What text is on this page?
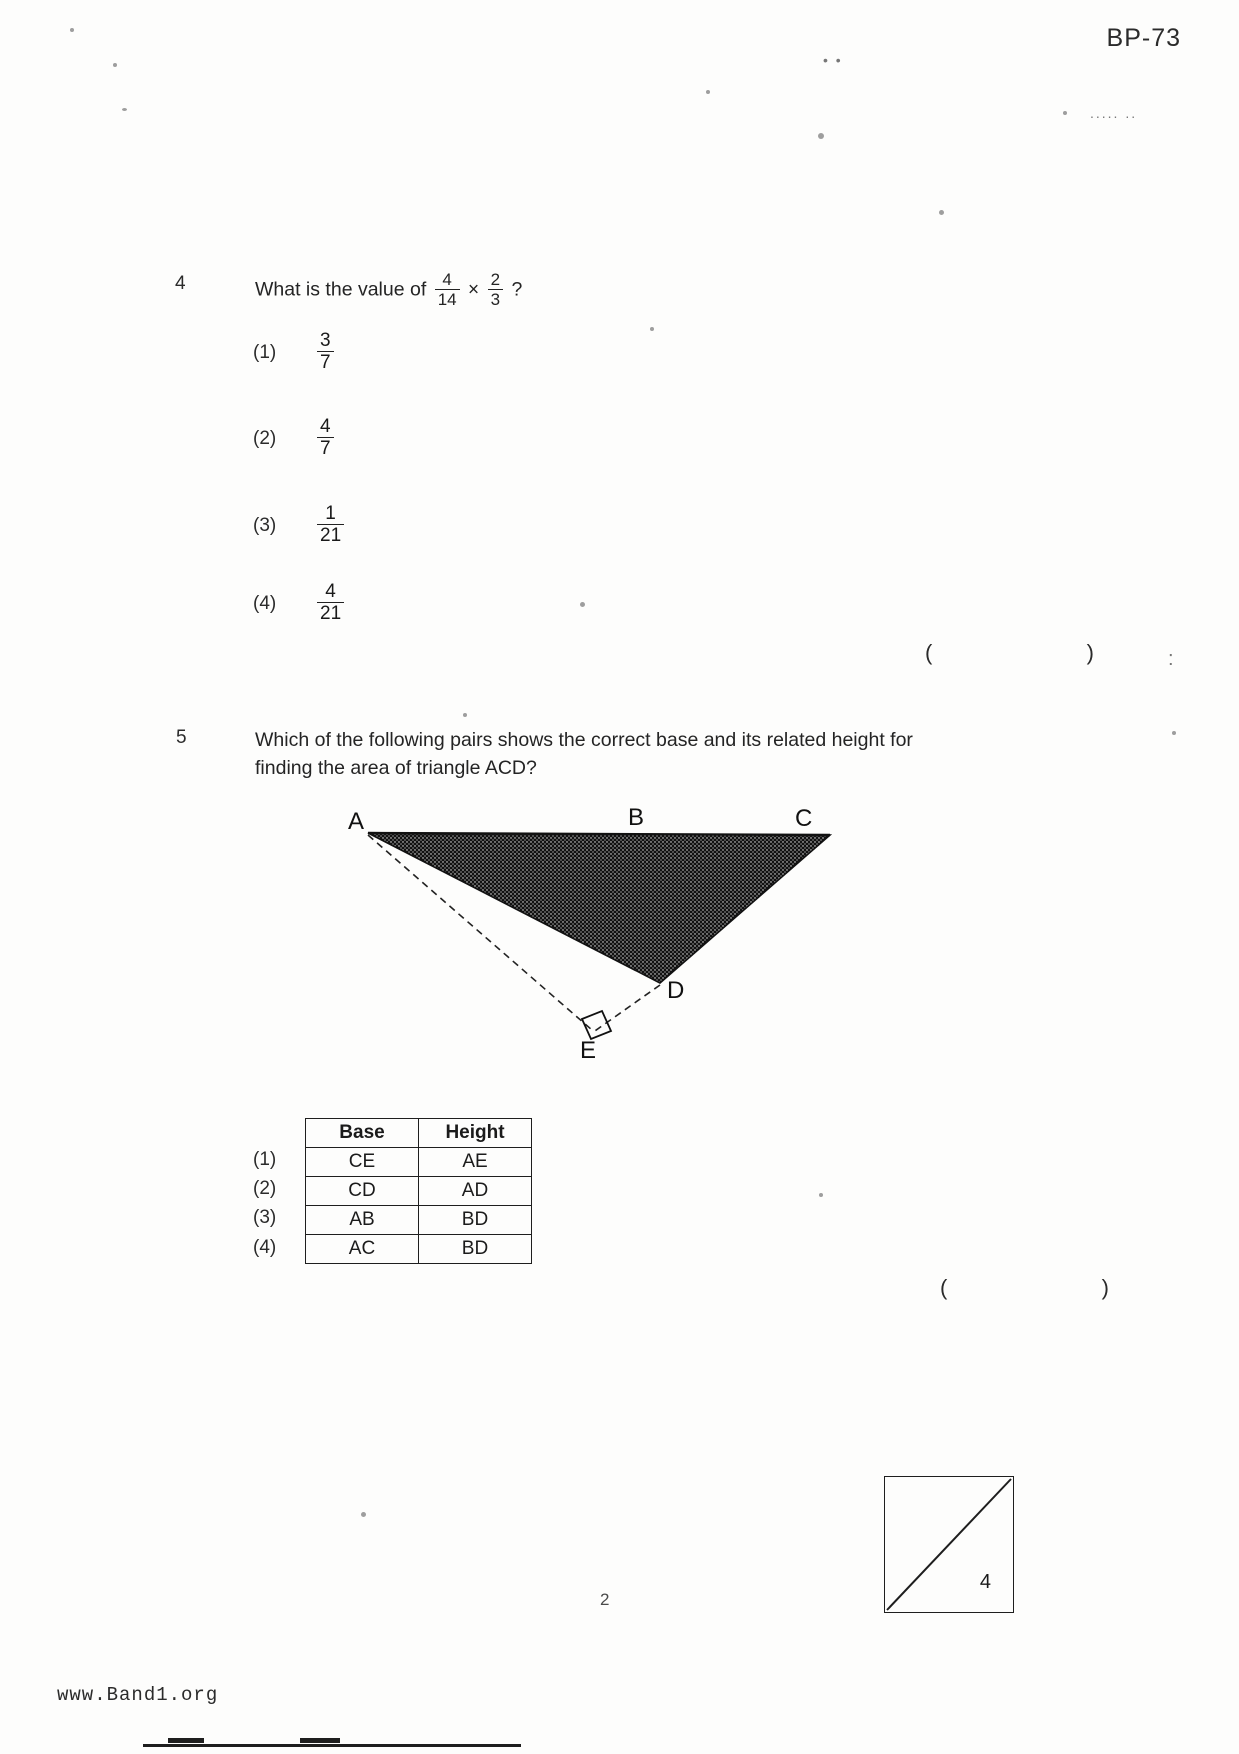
• •
..... ..
:
BP-73
4	What is the value of $\frac{4}{14} \times \frac{2}{3}$ ?
(1)	$\frac{3}{7}$
(2)	$\frac{4}{7}$
(3)	$\frac{1}{21}$
(4)	$\frac{4}{21}$
(   )
5	Which of the following pairs shows the correct base and its related height for
finding the area of triangle ACD?
A	B	C
D
E
(1)
(2)
(3)
(4)
Base	Height
CE	AE
CD	AD
AB	BD
AC	BD
(   )
2
4
www.Band1.org
